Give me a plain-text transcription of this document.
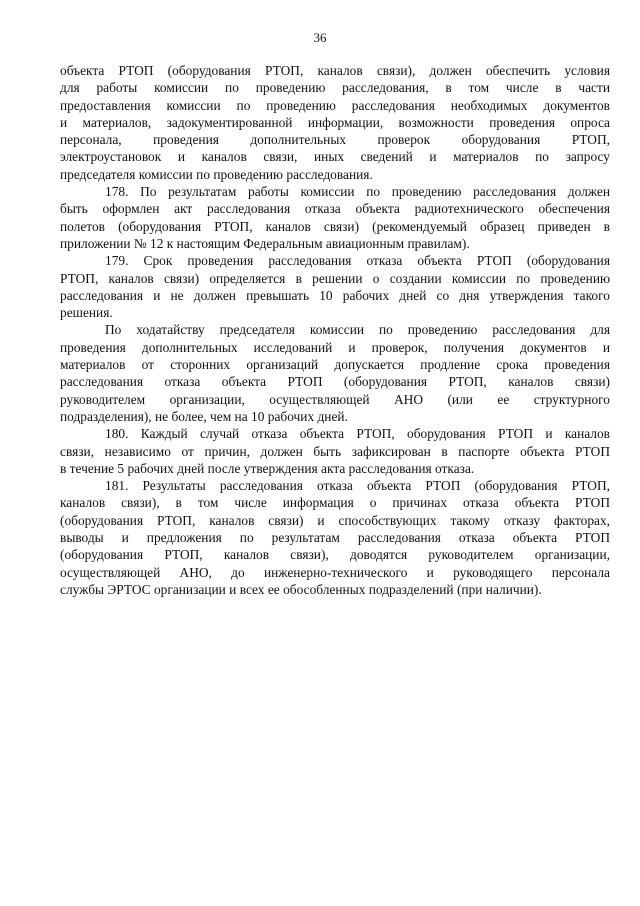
36

объекта РТОП (оборудования РТОП, каналов связи), должен обеспечить условия
для работы комиссии по проведению расследования, в том числе в части
предоставления комиссии по проведению расследования необходимых документов
и материалов, задокументированной информации, возможности проведения опроса
персонала, проведения дополнительных проверок оборудования РТОП,
электроустановок и каналов связи, иных сведений и материалов по запросу
председателя комиссии по проведению расследования.

178. По результатам работы комиссии по проведению расследования должен
быть оформлен акт расследования отказа объекта радиотехнического обеспечения
полетов (оборудования РТОП, каналов связи) (рекомендуемый образец приведен в
приложении № 12 к настоящим Федеральным авиационным правилам).

179. Срок проведения расследования отказа объекта РТОП (оборудования
РТОП, каналов связи) определяется в решении о создании комиссии по проведению
расследования и не должен превышать 10 рабочих дней со дня утверждения такого
решения.

По ходатайству председателя комиссии по проведению расследования для
проведения дополнительных исследований и проверок, получения документов и
материалов от сторонних организаций допускается продление срока проведения
расследования отказа объекта РТОП (оборудования РТОП, каналов связи)
руководителем организации, осуществляющей АНО (или ее структурного
подразделения), не более, чем на 10 рабочих дней.

180. Каждый случай отказа объекта РТОП, оборудования РТОП и каналов
связи, независимо от причин, должен быть зафиксирован в паспорте объекта РТОП
в течение 5 рабочих дней после утверждения акта расследования отказа.

181. Результаты расследования отказа объекта РТОП (оборудования РТОП,
каналов связи), в том числе информация о причинах отказа объекта РТОП
(оборудования РТОП, каналов связи) и способствующих такому отказу факторах,
выводы и предложения по результатам расследования отказа объекта РТОП
(оборудования РТОП, каналов связи), доводятся руководителем организации,
осуществляющей АНО, до инженерно-технического и руководящего персонала
службы ЭРТОС организации и всех ее обособленных подразделений (при наличии).
